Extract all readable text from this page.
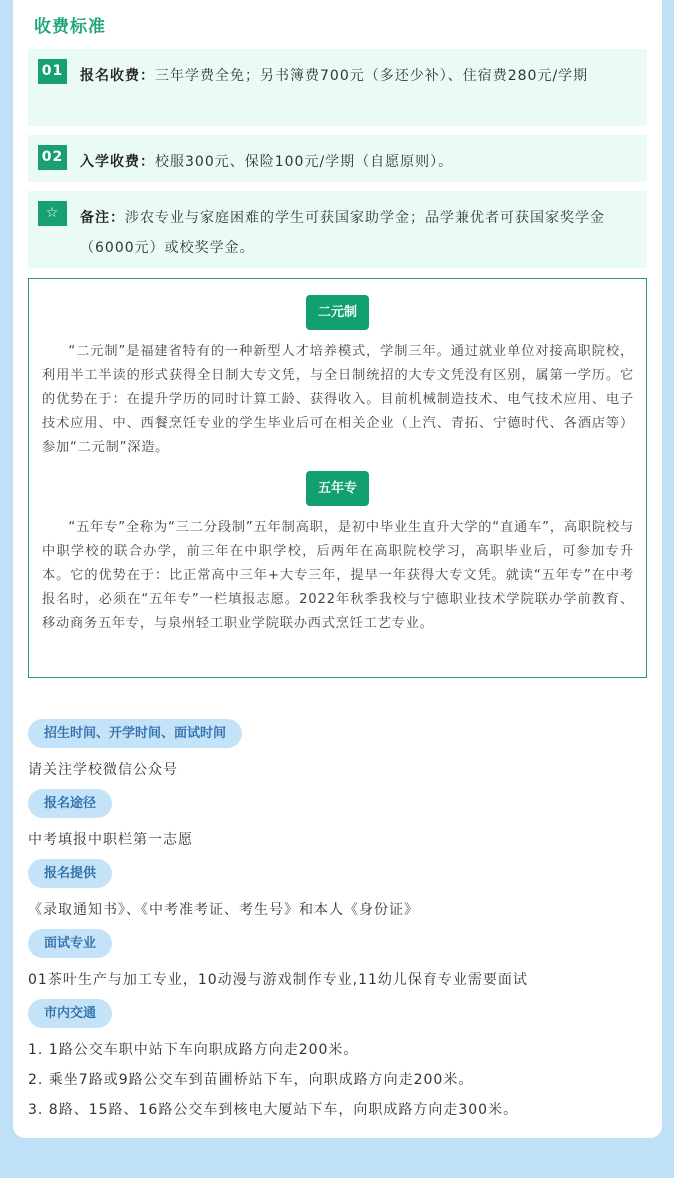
收费标准
01 报名收费：三年学费全免；另书簿费700元（多还少补）、住宿费280元/学期
02 入学收费：校服300元、保险100元/学期（自愿原则）。
☆	备注：涉农专业与家庭困难的学生可获国家助学金；品学兼优者可获国家奖学金（6000元）或校奖学金。
二元制
“二元制”是福建省特有的一种新型人才培养模式，学制三年。通过就业单位对接高职院校，利用半工半读的形式获得全日制大专文凭，与全日制统招的大专文凭没有区别，属第一学历。它的优势在于：在提升学历的同时计算工龄、获得收入。目前机械制造技术、电气技术应用、电子技术应用、中、西餐烹饪专业的学生毕业后可在相关企业（上汽、青拓、宁德时代、各酒店等）参加“二元制”深造。
五年专
“五年专”全称为“三二分段制”五年制高职，是初中毕业生直升大学的“直通车”，高职院校与中职学校的联合办学，前三年在中职学校，后两年在高职院校学习，高职毕业后，可参加专升本。它的优势在于：比正常高中三年+大专三年，提早一年获得大专文凭。就读“五年专”在中考报名时，必须在“五年专”一栏填报志愿。2022年秋季我校与宁德职业技术学院联办学前教育、移动商务五年专，与泉州轻工职业学院联办西式烹饪工艺专业。
招生时间、开学时间、面试时间
请关注学校微信公众号
报名途径
中考填报中职栏第一志愿
报名提供
《录取通知书》、《中考准考证、考生号》和本人《身份证》
面试专业
01茶叶生产与加工专业，10动漫与游戏制作专业,11幼儿保育专业需要面试
市内交通
1. 1路公交车职中站下车向职成路方向走200米。
2. 乘坐7路或9路公交车到苗圃桥站下车，向职成路方向走200米。
3. 8路、15路、16路公交车到核电大厦站下车，向职成路方向走300米。
